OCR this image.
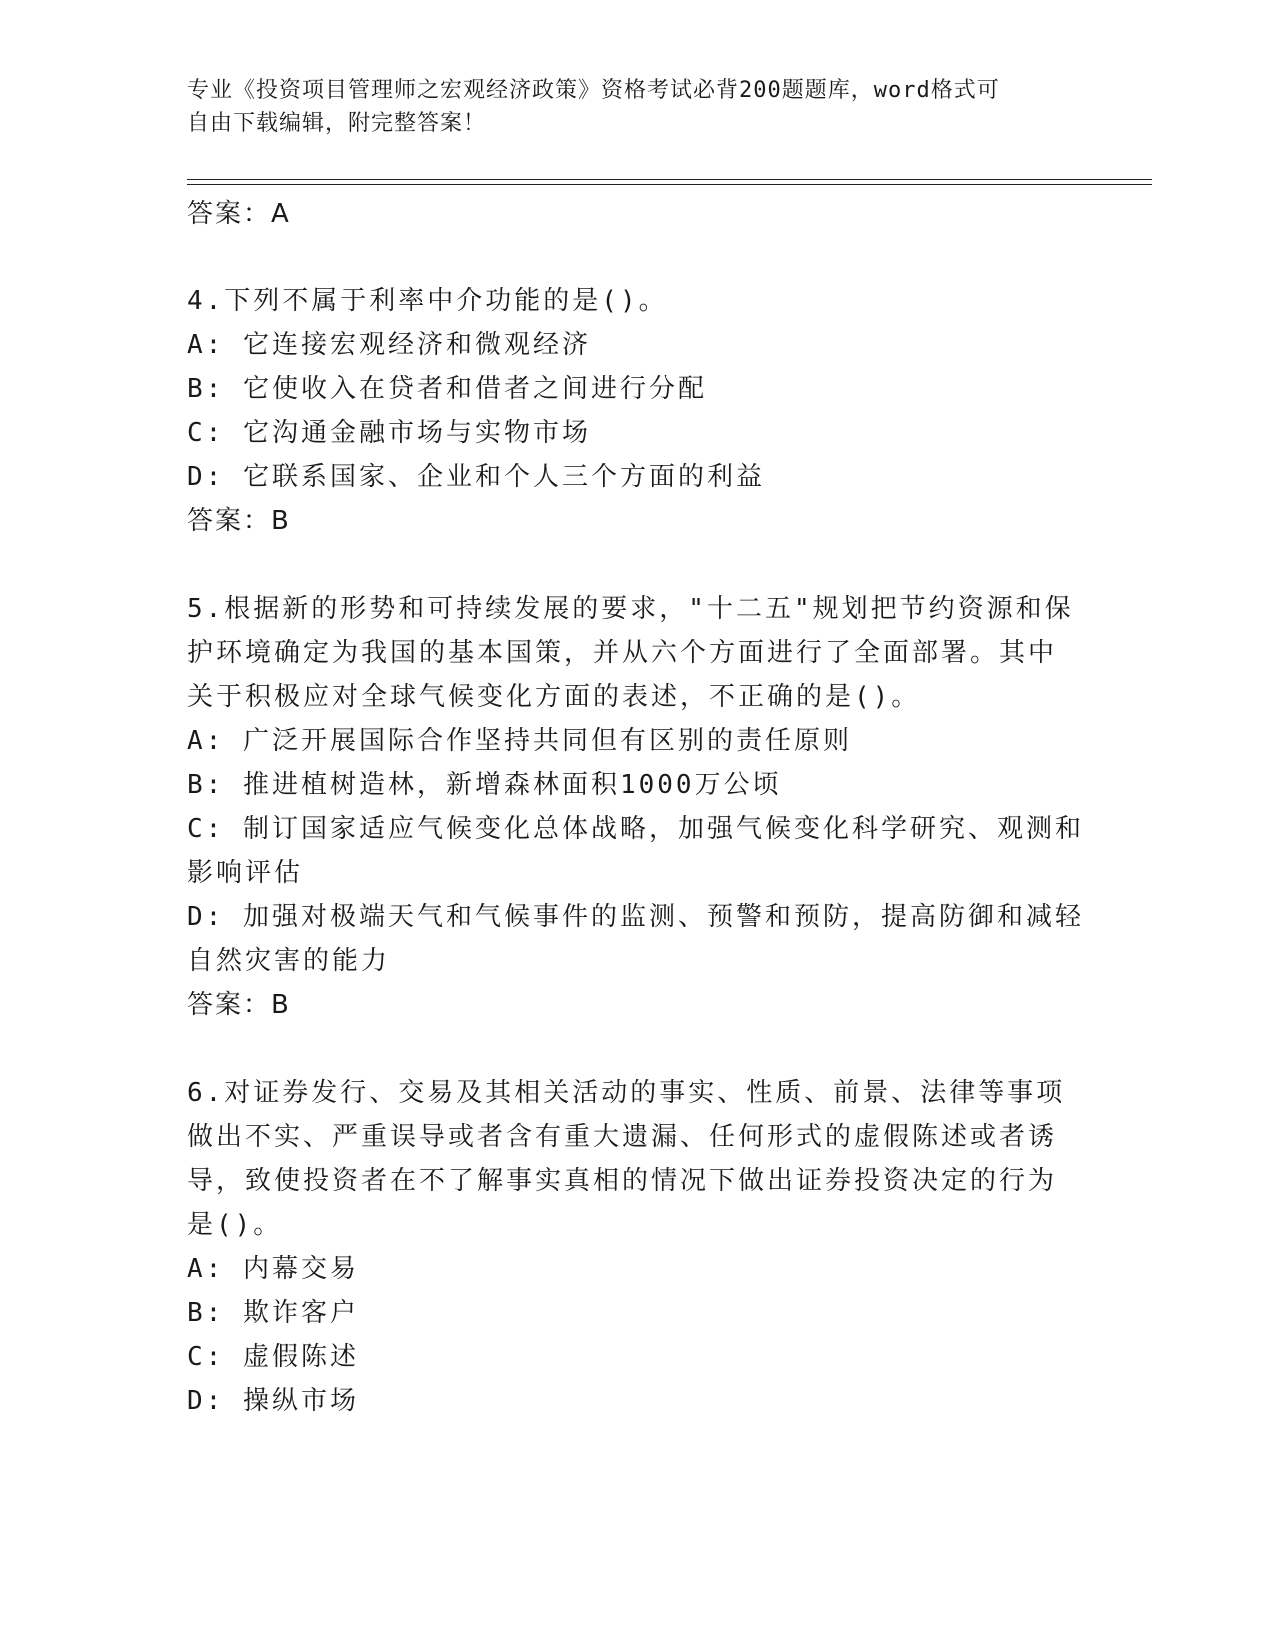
专业《投资项目管理师之宏观经济政策》资格考试必背200题题库，word格式可
自由下载编辑，附完整答案！
答案：A
4.下列不属于利率中介功能的是()。
A: 它连接宏观经济和微观经济
B: 它使收入在贷者和借者之间进行分配
C: 它沟通金融市场与实物市场
D: 它联系国家、企业和个人三个方面的利益
答案：B
5.根据新的形势和可持续发展的要求，"十二五"规划把节约资源和保
护环境确定为我国的基本国策，并从六个方面进行了全面部署。其中
关于积极应对全球气候变化方面的表述，不正确的是()。
A: 广泛开展国际合作坚持共同但有区别的责任原则
B: 推进植树造林，新增森林面积1000万公顷
C: 制订国家适应气候变化总体战略，加强气候变化科学研究、观测和
影响评估
D: 加强对极端天气和气候事件的监测、预警和预防，提高防御和减轻
自然灾害的能力
答案：B
6.对证券发行、交易及其相关活动的事实、性质、前景、法律等事项
做出不实、严重误导或者含有重大遗漏、任何形式的虚假陈述或者诱
导，致使投资者在不了解事实真相的情况下做出证券投资决定的行为
是()。
A: 内幕交易
B: 欺诈客户
C: 虚假陈述
D: 操纵市场
